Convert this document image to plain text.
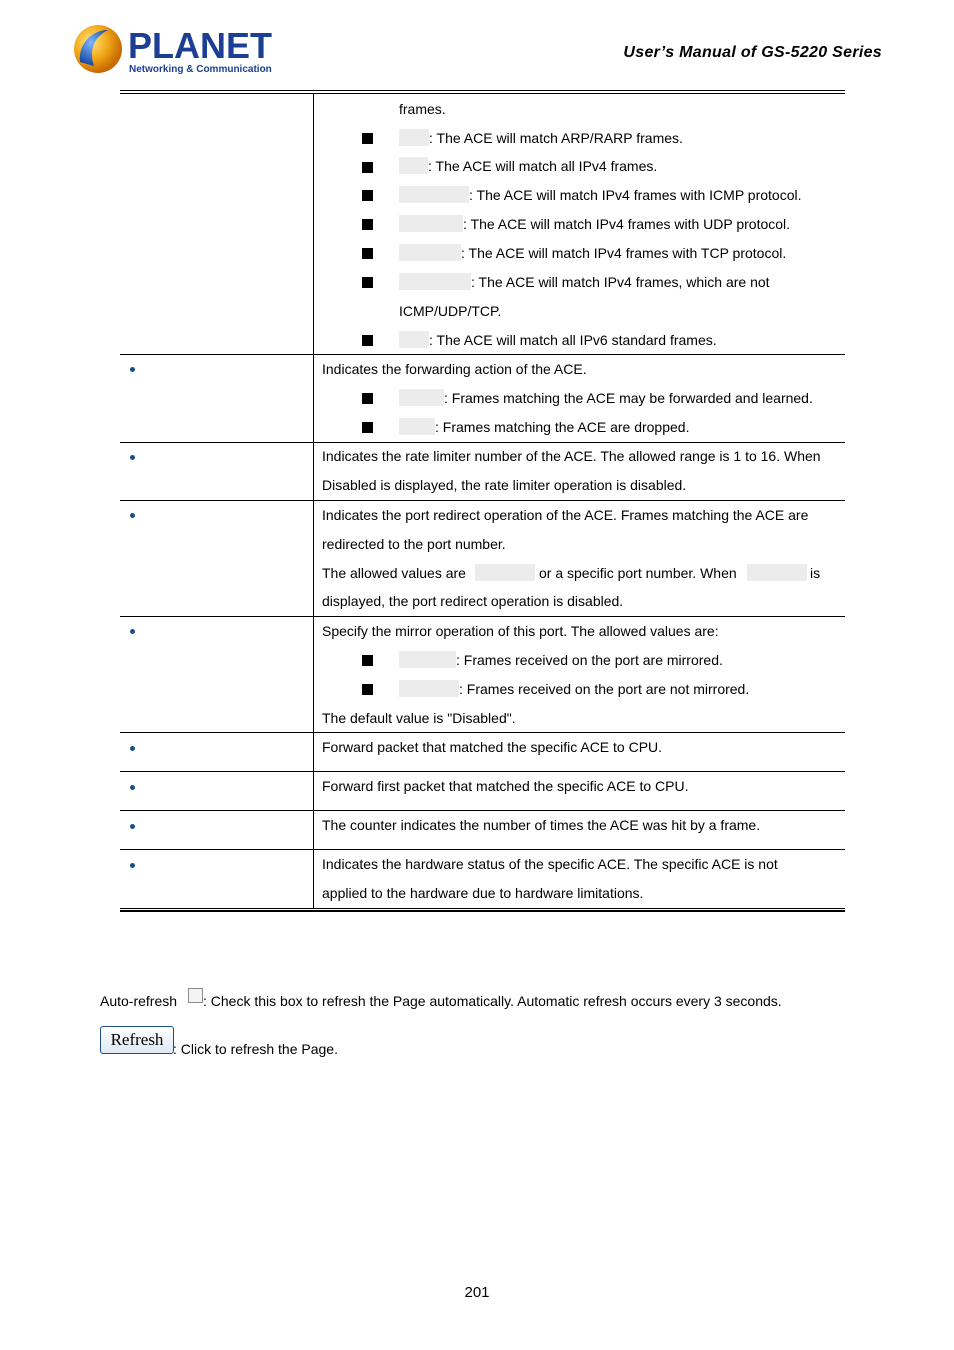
PLANET
Networking & Communication
User’s Manual of GS-5220 Series
frames.
: The ACE will match ARP/RARP frames.
: The ACE will match all IPv4 frames.
: The ACE will match IPv4 frames with ICMP protocol.
: The ACE will match IPv4 frames with UDP protocol.
: The ACE will match IPv4 frames with TCP protocol.
: The ACE will match IPv4 frames, which are not
ICMP/UDP/TCP.
: The ACE will match all IPv6 standard frames.
Indicates the forwarding action of the ACE.
: Frames matching the ACE may be forwarded and learned.
: Frames matching the ACE are dropped.
Indicates the rate limiter number of the ACE. The allowed range is 1 to 16. When
Disabled is displayed, the rate limiter operation is disabled.
Indicates the port redirect operation of the ACE. Frames matching the ACE are
redirected to the port number.
The allowed values are	or a specific port number. When	is
displayed, the port redirect operation is disabled.
Specify the mirror operation of this port. The allowed values are:
: Frames received on the port are mirrored.
: Frames received on the port are not mirrored.
The default value is "Disabled".
Forward packet that matched the specific ACE to CPU.
Forward first packet that matched the specific ACE to CPU.
The counter indicates the number of times the ACE was hit by a frame.
Indicates the hardware status of the specific ACE. The specific ACE is not
applied to the hardware due to hardware limitations.
Auto-refresh : Check this box to refresh the Page automatically. Automatic refresh occurs every 3 seconds.
Refresh : Click to refresh the Page.
201
